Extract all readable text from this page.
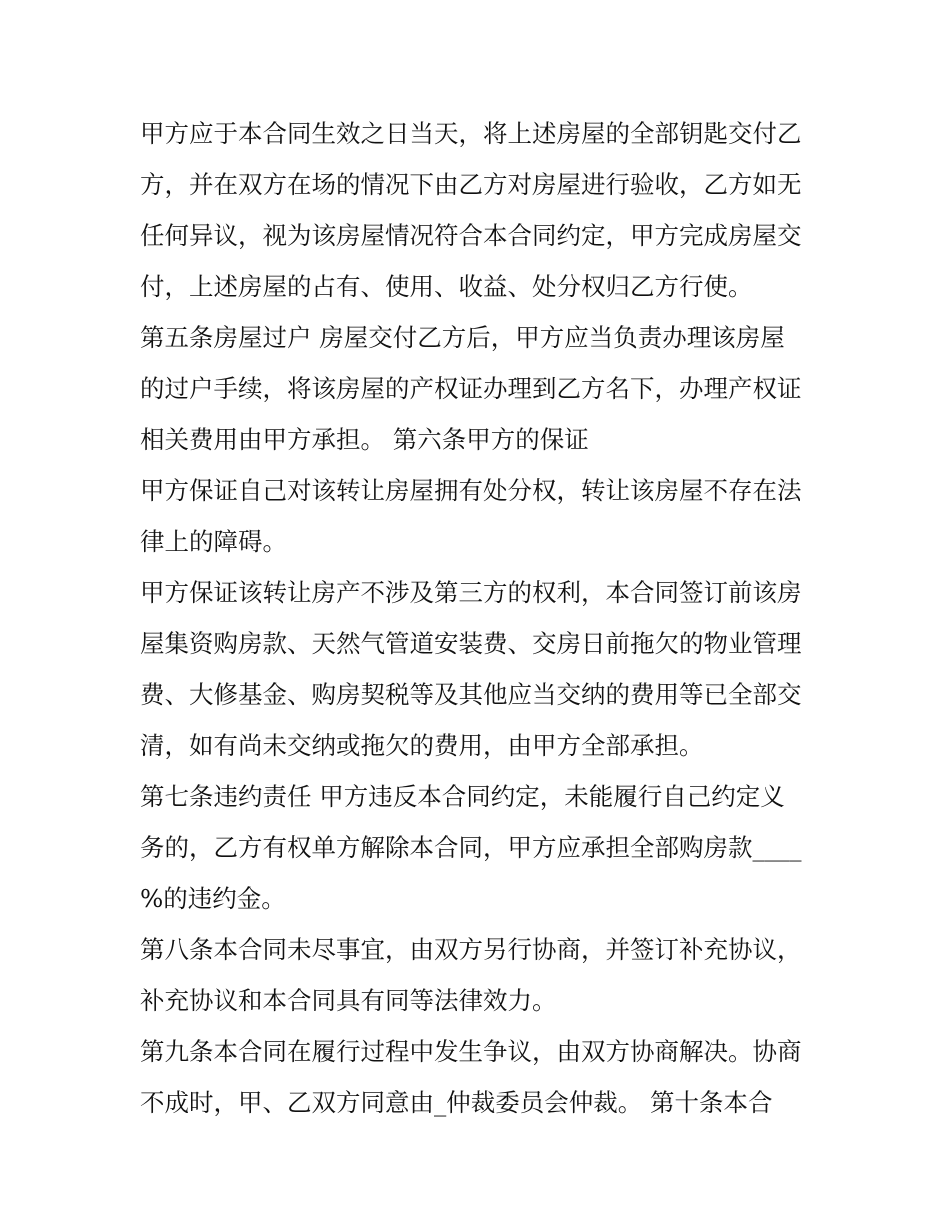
甲方应于本合同生效之日当天，将上述房屋的全部钥匙交付乙
方，并在双方在场的情况下由乙方对房屋进行验收，乙方如无
任何异议，视为该房屋情况符合本合同约定，甲方完成房屋交
付，上述房屋的占有、使用、收益、处分权归乙方行使。

第五条房屋过户 房屋交付乙方后，甲方应当负责办理该房屋
的过户手续，将该房屋的产权证办理到乙方名下，办理产权证
相关费用由甲方承担。 第六条甲方的保证

甲方保证自己对该转让房屋拥有处分权，转让该房屋不存在法
律上的障碍。

甲方保证该转让房产不涉及第三方的权利，本合同签订前该房
屋集资购房款、天然气管道安装费、交房日前拖欠的物业管理
费、大修基金、购房契税等及其他应当交纳的费用等已全部交
清，如有尚未交纳或拖欠的费用，由甲方全部承担。

第七条违约责任 甲方违反本合同约定，未能履行自己约定义
务的，乙方有权单方解除本合同，甲方应承担全部购房款____
%的违约金。

第八条本合同未尽事宜，由双方另行协商，并签订补充协议，
补充协议和本合同具有同等法律效力。

第九条本合同在履行过程中发生争议，由双方协商解决。协商
不成时，甲、乙双方同意由_仲裁委员会仲裁。 第十条本合
